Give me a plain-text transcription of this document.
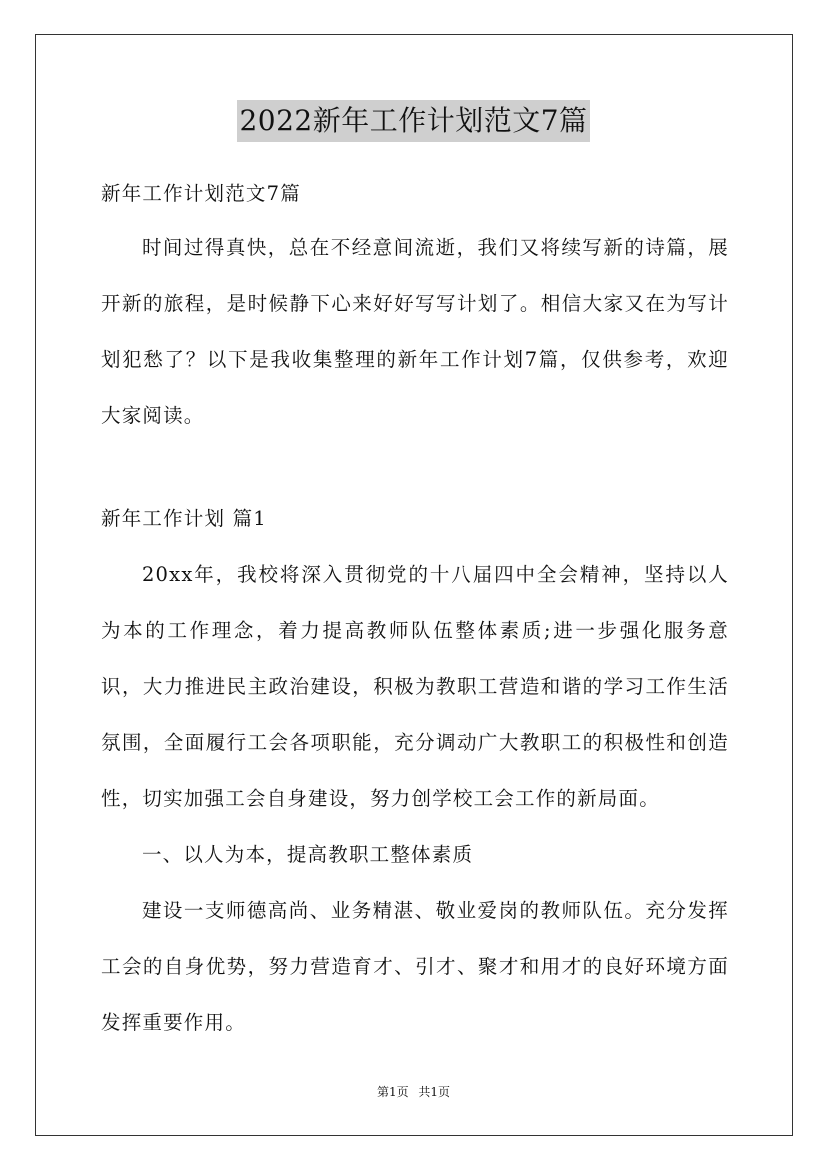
2022新年工作计划范文7篇

新年工作计划范文7篇

时间过得真快，总在不经意间流逝，我们又将续写新的诗篇，展开新的旅程，是时候静下心来好好写写计划了。相信大家又在为写计划犯愁了？以下是我收集整理的新年工作计划7篇，仅供参考，欢迎大家阅读。

新年工作计划 篇1

20xx年，我校将深入贯彻党的十八届四中全会精神，坚持以人为本的工作理念，着力提高教师队伍整体素质;进一步强化服务意识，大力推进民主政治建设，积极为教职工营造和谐的学习工作生活氛围，全面履行工会各项职能，充分调动广大教职工的积极性和创造性，切实加强工会自身建设，努力创学校工会工作的新局面。

一、以人为本，提高教职工整体素质

建设一支师德高尚、业务精湛、敬业爱岗的教师队伍。充分发挥工会的自身优势，努力营造育才、引才、聚才和用才的良好环境方面发挥重要作用。

第1页 共1页
